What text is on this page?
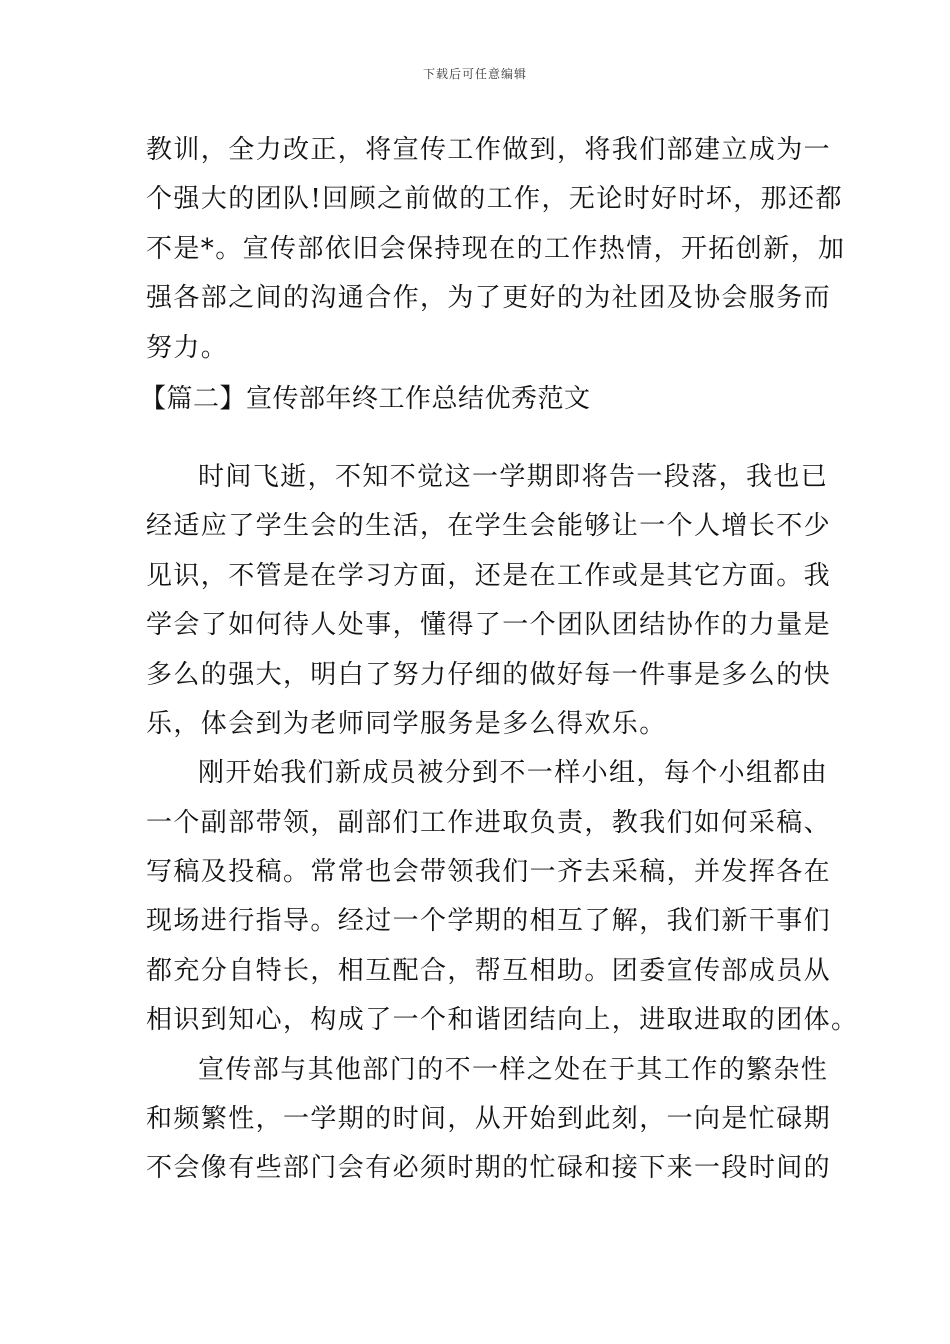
下载后可任意编辑
教训，全力改正，将宣传工作做到，将我们部建立成为一
个强大的团队!回顾之前做的工作，无论时好时坏，那还都
不是*。宣传部依旧会保持现在的工作热情，开拓创新，加
强各部之间的沟通合作，为了更好的为社团及协会服务而
努力。
【篇二】宣传部年终工作总结优秀范文
时间飞逝，不知不觉这一学期即将告一段落，我也已
经适应了学生会的生活，在学生会能够让一个人增长不少
见识，不管是在学习方面，还是在工作或是其它方面。我
学会了如何待人处事，懂得了一个团队团结协作的力量是
多么的强大，明白了努力仔细的做好每一件事是多么的快
乐，体会到为老师同学服务是多么得欢乐。
刚开始我们新成员被分到不一样小组，每个小组都由
一个副部带领，副部们工作进取负责，教我们如何采稿、
写稿及投稿。常常也会带领我们一齐去采稿，并发挥各在
现场进行指导。经过一个学期的相互了解，我们新干事们
都充分自特长，相互配合，帮互相助。团委宣传部成员从
相识到知心，构成了一个和谐团结向上，进取进取的团体。
宣传部与其他部门的不一样之处在于其工作的繁杂性
和频繁性，一学期的时间，从开始到此刻，一向是忙碌期
不会像有些部门会有必须时期的忙碌和接下来一段时间的
